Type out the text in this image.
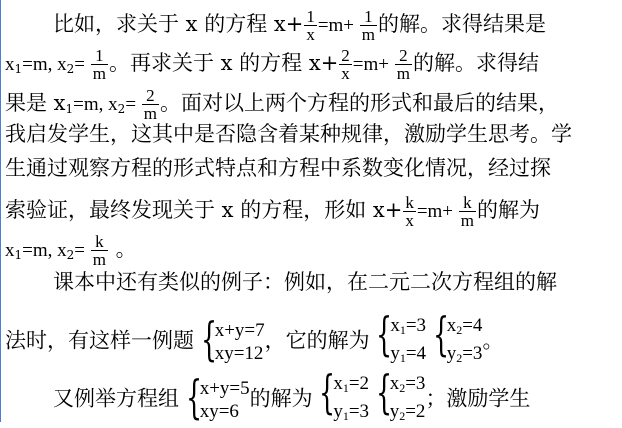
比如，求关于 x 的方程 $x+ \frac{1}{x} =m+ \frac{1}{m}$ 的解。求得结果是
$x_1=m$, $x_2= \frac{1}{m}$ 。再求关于 x 的方程 $x+ \frac{2}{x} =m+ \frac{2}{m}$ 的解。求得结
果是 $x_1=m$, $x_2= \frac{2}{m}$ 。面对以上两个方程的形式和最后的结果，
我启发学生，这其中是否隐含着某种规律，激励学生思考。学
生通过观察方程的形式特点和方程中系数变化情况，经过探
索验证，最终发现关于 x 的方程，形如 $x+ \frac{k}{x} =m+ \frac{k}{m}$ 的解为
$x_1=m$, $x_2= \frac{k}{m}$ 。
课本中还有类似的例子：例如，在二元二次方程组的解
法时，有这样一例题 {
x+y=7
xy=12
，它的解为 {
$x_1=3$
$y_1=4$
{
$x_2=4$
$y_2=3$
。
又例举方程组 {
x+y=5
xy=6
的解为 {
$x_1=2$
$y_1=3$
{
$x_2=3$
$y_2=2$
；激励学生
